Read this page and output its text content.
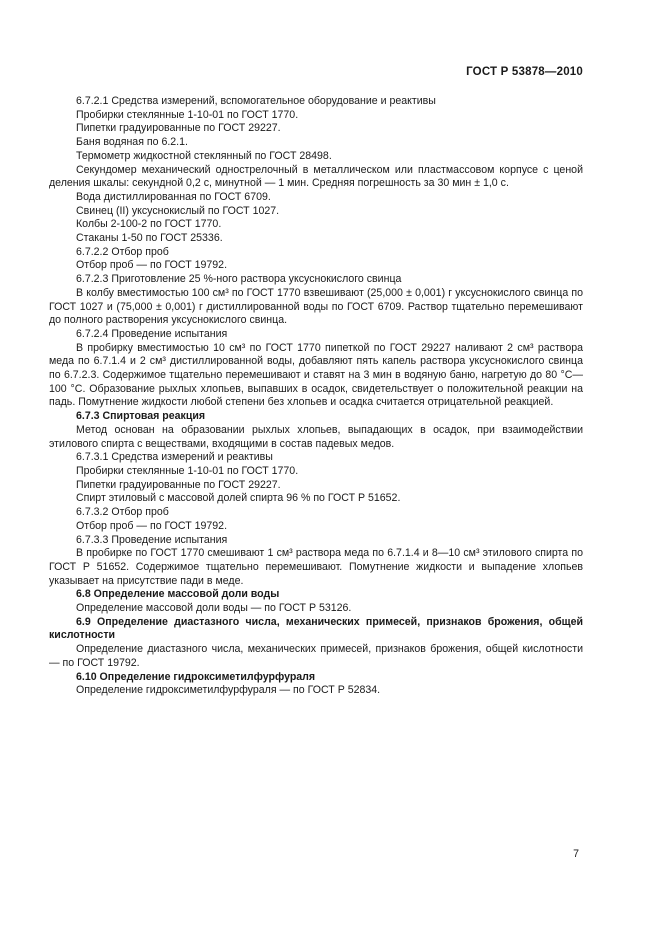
ГОСТ Р 53878—2010

6.7.2.1 Средства измерений, вспомогательное оборудование и реактивы

Пробирки стеклянные 1-10-01 по ГОСТ 1770.

Пипетки градуированные по ГОСТ 29227.

Баня водяная по 6.2.1.

Термометр жидкостной стеклянный по ГОСТ 28498.

Секундомер механический однострелочный в металлическом или пластмассовом корпусе с ценой деления шкалы: секундной 0,2 с, минутной — 1 мин. Средняя погрешность за 30 мин ± 1,0 с.

Вода дистиллированная по ГОСТ 6709.

Свинец (II) уксуснокислый по ГОСТ 1027.

Колбы 2-100-2 по ГОСТ 1770.

Стаканы 1-50 по ГОСТ 25336.

6.7.2.2 Отбор проб

Отбор проб — по ГОСТ 19792.

6.7.2.3 Приготовление 25 %-ного раствора уксуснокислого свинца

В колбу вместимостью 100 см³ по ГОСТ 1770 взвешивают (25,000 ± 0,001) г уксуснокислого свинца по ГОСТ 1027 и (75,000 ± 0,001) г дистиллированной воды по ГОСТ 6709. Раствор тщательно перемешивают до полного растворения уксуснокислого свинца.

6.7.2.4 Проведение испытания

В пробирку вместимостью 10 см³ по ГОСТ 1770 пипеткой по ГОСТ 29227 наливают 2 см³ раствора меда по 6.7.1.4 и 2 см³ дистиллированной воды, добавляют пять капель раствора уксуснокислого свинца по 6.7.2.3. Содержимое тщательно перемешивают и ставят на 3 мин в водяную баню, нагретую до 80 °С—100 °С. Образование рыхлых хлопьев, выпавших в осадок, свидетельствует о положительной реакции на падь. Помутнение жидкости любой степени без хлопьев и осадка считается отрицательной реакцией.

6.7.3 Спиртовая реакция

Метод основан на образовании рыхлых хлопьев, выпадающих в осадок, при взаимодействии этилового спирта с веществами, входящими в состав падевых медов.

6.7.3.1 Средства измерений и реактивы

Пробирки стеклянные 1-10-01 по ГОСТ 1770.

Пипетки градуированные по ГОСТ 29227.

Спирт этиловый с массовой долей спирта 96 % по ГОСТ Р 51652.

6.7.3.2 Отбор проб

Отбор проб — по ГОСТ 19792.

6.7.3.3 Проведение испытания

В пробирке по ГОСТ 1770 смешивают 1 см³ раствора меда по 6.7.1.4 и 8—10 см³ этилового спирта по ГОСТ Р 51652. Содержимое тщательно перемешивают. Помутнение жидкости и выпадение хлопьев указывает на присутствие пади в меде.

6.8 Определение массовой доли воды

Определение массовой доли воды — по ГОСТ Р 53126.

6.9 Определение диастазного числа, механических примесей, признаков брожения, общей кислотности

Определение диастазного числа, механических примесей, признаков брожения, общей кислотности — по ГОСТ 19792.

6.10 Определение гидроксиметилфурфураля

Определение гидроксиметилфурфураля — по ГОСТ Р 52834.

7
